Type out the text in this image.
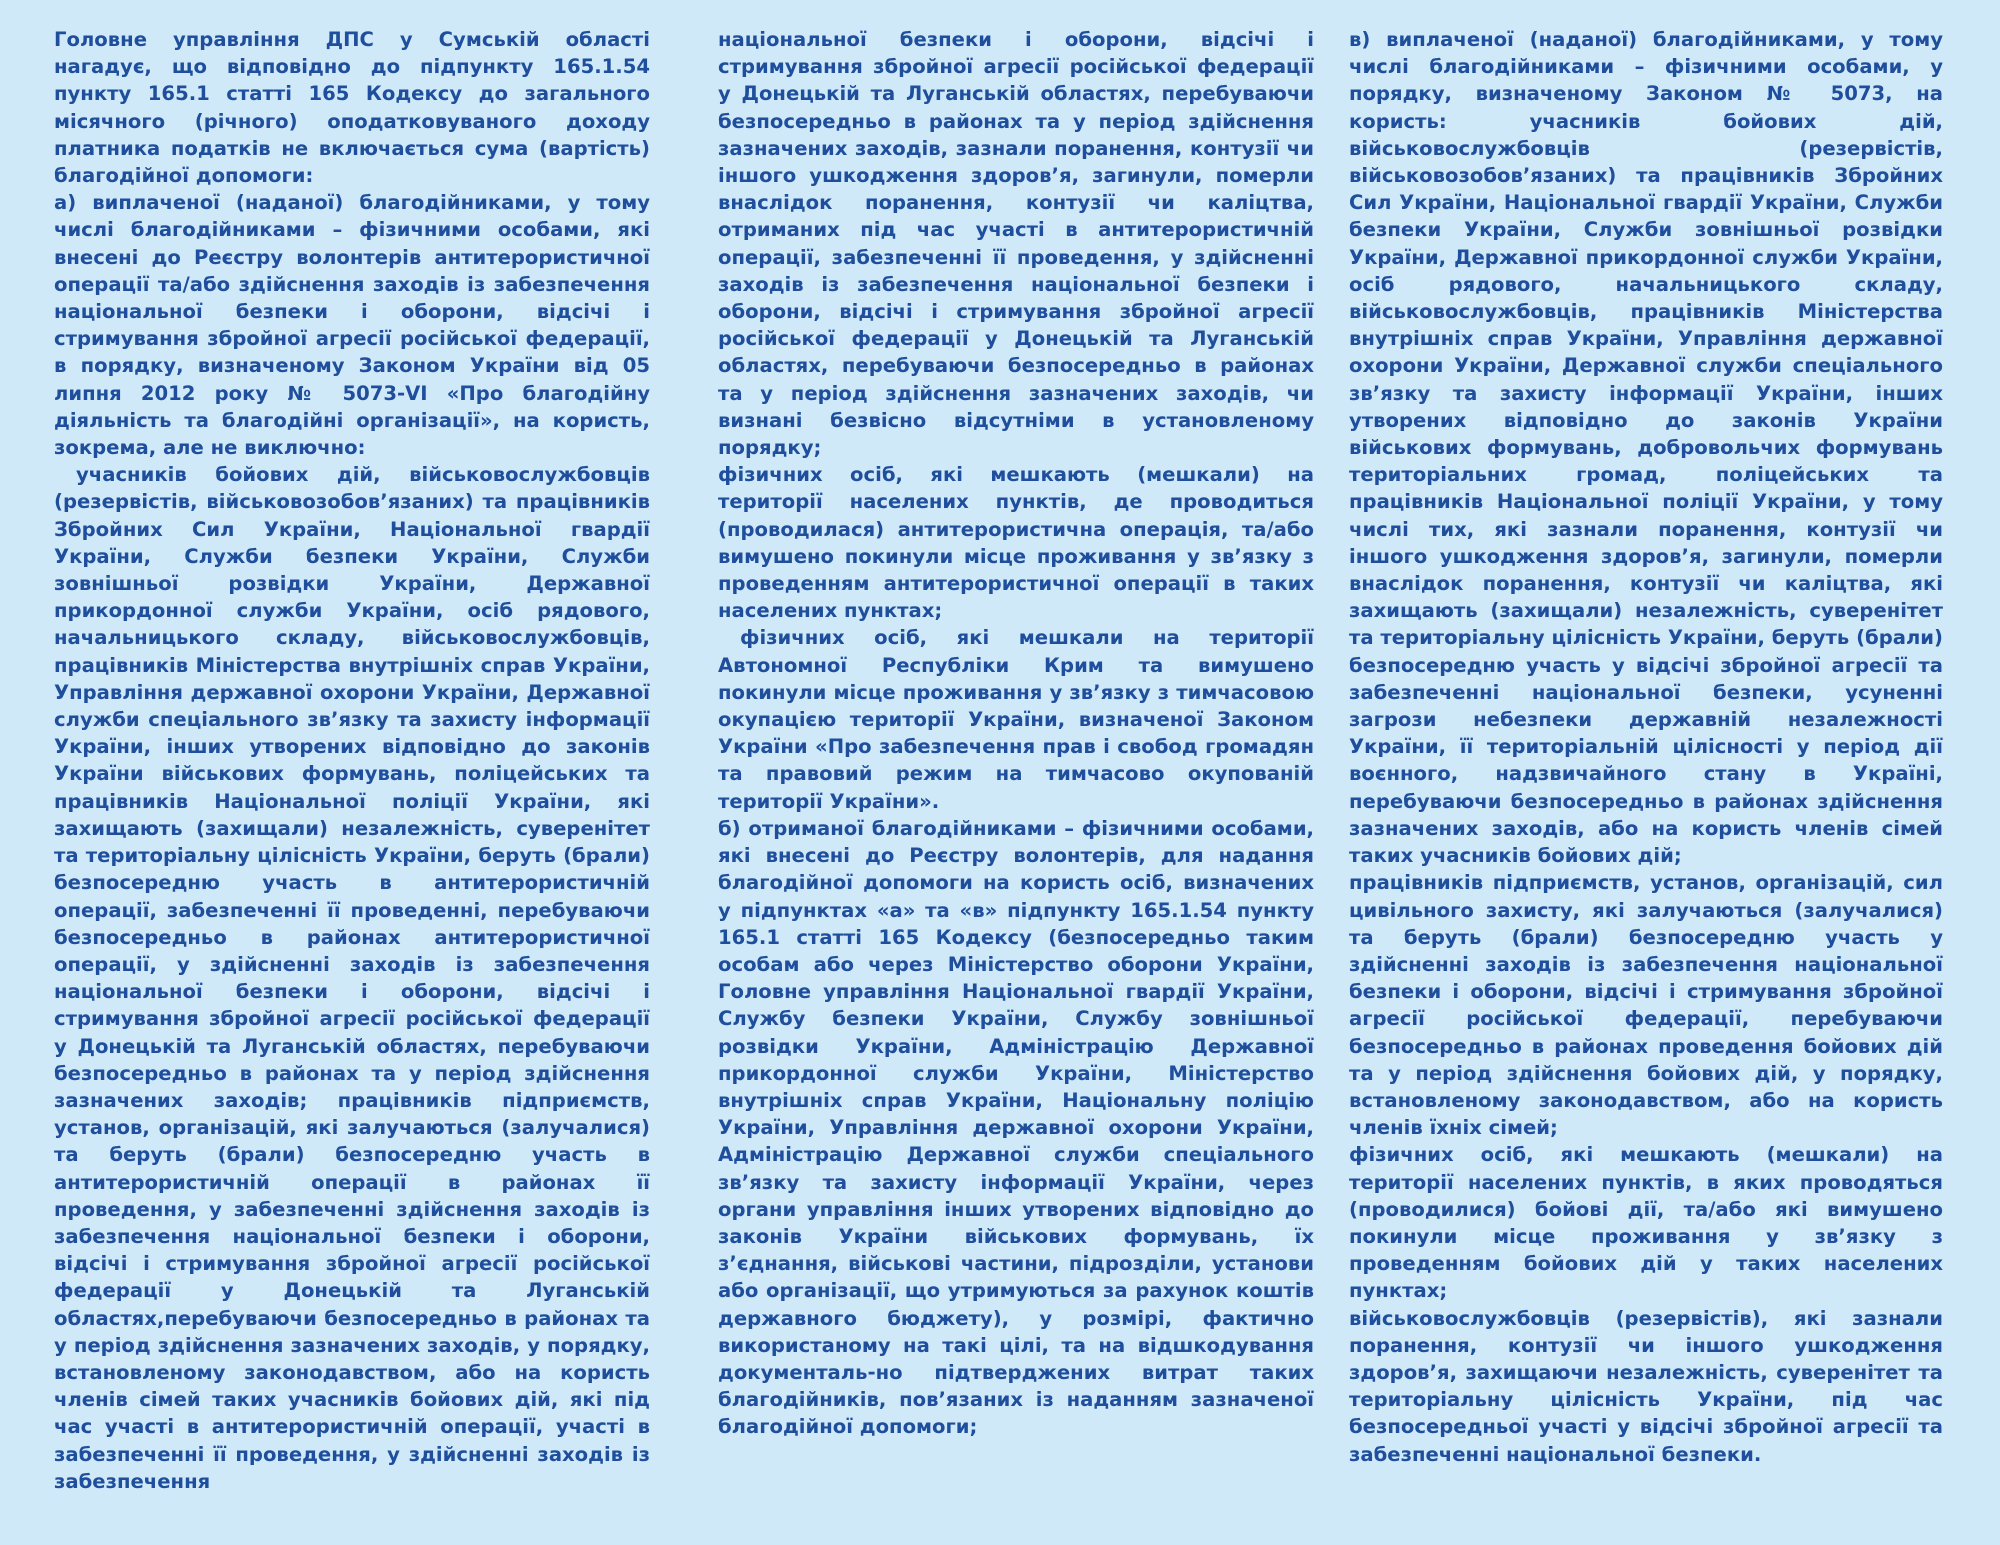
Головне управління ДПС у Сумській області нагадує, що відповідно до підпункту 165.1.54 пункту 165.1 статті 165 Кодексу до загального місячного (річного) оподатковуваного доходу платника податків не включається сума (вартість) благодійної допомоги:

а) виплаченої (наданої) благодійниками, у тому числі благодійниками – фізичними особами, які внесені до Реєстру волонтерів антитерористичної операції та/або здійснення заходів із забезпечення національної безпеки і оборони, відсічі і стримування збройної агресії російської федерації, в порядку, визначеному Законом України від 05 липня 2012 року № 5073-VI «Про благодійну діяльність та благодійні організації», на користь, зокрема, але не виключно:

учасників бойових дій, військовослужбовців (резервістів, військовозобов’язаних) та працівників Збройних Сил України, Національної гвардії України, Служби безпеки України, Служби зовнішньої розвідки України, Державної прикордонної служби України, осіб рядового, начальницького складу, військовослужбовців, працівників Міністерства внутрішніх справ України, Управління державної охорони України, Державної служби спеціального зв’язку та захисту інформації України, інших утворених відповідно до законів України військових формувань, поліцейських та працівників Національної поліції України, які захищають (захищали) незалежність, суверенітет та територіальну цілісність України, беруть (брали) безпосередню участь в антитерористичній операції, забезпеченні її проведенні, перебуваючи безпосередньо в районах антитерористичної операції, у здійсненні заходів із забезпечення національної безпеки і оборони, відсічі і стримування збройної агресії російської федерації у Донецькій та Луганській областях, перебуваючи безпосередньо в районах та у період здійснення зазначених заходів; працівників підприємств, установ, організацій, які залучаються (залучалися) та беруть (брали) безпосередню участь в антитерористичній операції в районах її проведення, у забезпеченні здійснення заходів із забезпечення національної безпеки і оборони, відсічі і стримування збройної агресії російської федерації у Донецькій та Луганській областях,перебуваючи безпосередньо в районах та у період здійснення зазначених заходів, у порядку, встановленому законодавством, або на користь членів сімей таких учасників бойових дій, які під час участі в антитерористичній операції, участі в забезпеченні її проведення, у здійсненні заходів із забезпечення

національної безпеки і оборони, відсічі і стримування збройної агресії російської федерації у Донецькій та Луганській областях, перебуваючи безпосередньо в районах та у період здійснення зазначених заходів, зазнали поранення, контузії чи іншого ушкодження здоров’я, загинули, померли внаслідок поранення, контузії чи каліцтва, отриманих під час участі в антитерористичній операції, забезпеченні її проведення, у здійсненні заходів із забезпечення національної безпеки і оборони, відсічі і стримування збройної агресії російської федерації у Донецькій та Луганській областях, перебуваючи безпосередньо в районах та у період здійснення зазначених заходів, чи визнані безвісно відсутніми в установленому порядку;

фізичних осіб, які мешкають (мешкали) на території населених пунктів, де проводиться (проводилася) антитерористична операція, та/або вимушено покинули місце проживання у зв’язку з проведенням антитерористичної операції в таких населених пунктах;

фізичних осіб, які мешкали на території Автономної Республіки Крим та вимушено покинули місце проживання у зв’язку з тимчасовою окупацією території України, визначеної Законом України «Про забезпечення прав і свобод громадян та правовий режим на тимчасово окупованій території України».

б) отриманої благодійниками – фізичними особами, які внесені до Реєстру волонтерів, для надання благодійної допомоги на користь осіб, визначених у підпунктах «а» та «в» підпункту 165.1.54 пункту 165.1 статті 165 Кодексу (безпосередньо таким особам або через Міністерство оборони України, Головне управління Національної гвардії України, Службу безпеки України, Службу зовнішньої розвідки України, Адміністрацію Державної прикордонної служби України, Міністерство внутрішніх справ України, Національну поліцію України, Управління державної охорони України, Адміністрацію Державної служби спеціального зв’язку та захисту інформації України, через органи управління інших утворених відповідно до законів України військових формувань, їх з’єднання, військові частини, підрозділи, установи або організації, що утримуються за рахунок коштів державного бюджету), у розмірі, фактично використаному на такі цілі, та на відшкодування документаль-но підтверджених витрат таких благодійників, пов’язаних із наданням зазначеної благодійної допомоги;

в) виплаченої (наданої) благодійниками, у тому числі благодійниками – фізичними особами, у порядку, визначеному Законом № 5073, на користь: учасників бойових дій, військовослужбовців (резервістів, військовозобов’язаних) та працівників Збройних Сил України, Національної гвардії України, Служби безпеки України, Служби зовнішньої розвідки України, Державної прикордонної служби України, осіб рядового, начальницького складу, військовослужбовців, працівників Міністерства внутрішніх справ України, Управління державної охорони України, Державної служби спеціального зв’язку та захисту інформації України, інших утворених відповідно до законів України військових формувань, добровольчих формувань територіальних громад, поліцейських та працівників Національної поліції України, у тому числі тих, які зазнали поранення, контузії чи іншого ушкодження здоров’я, загинули, померли внаслідок поранення, контузії чи каліцтва, які захищають (захищали) незалежність, суверенітет та територіальну цілісність України, беруть (брали) безпосередню участь у відсічі збройної агресії та забезпеченні національної безпеки, усуненні загрози небезпеки державній незалежності України, її територіальній цілісності у період дії воєнного, надзвичайного стану в Україні, перебуваючи безпосередньо в районах здійснення зазначених заходів, або на користь членів сімей таких учасників бойових дій;

працівників підприємств, установ, організацій, сил цивільного захисту, які залучаються (залучалися) та беруть (брали) безпосередню участь у здійсненні заходів із забезпечення національної безпеки і оборони, відсічі і стримування збройної агресії російської федерації, перебуваючи безпосередньо в районах проведення бойових дій та у період здійснення бойових дій, у порядку, встановленому законодавством, або на користь членів їхніх сімей;

фізичних осіб, які мешкають (мешкали) на території населених пунктів, в яких проводяться (проводилися) бойові дії, та/або які вимушено покинули місце проживання у зв’язку з проведенням бойових дій у таких населених пунктах;

військовослужбовців (резервістів), які зазнали поранення, контузії чи іншого ушкодження здоров’я, захищаючи незалежність, суверенітет та територіальну цілісність України, під час безпосередньої участі у відсічі збройної агресії та забезпеченні національної безпеки.
